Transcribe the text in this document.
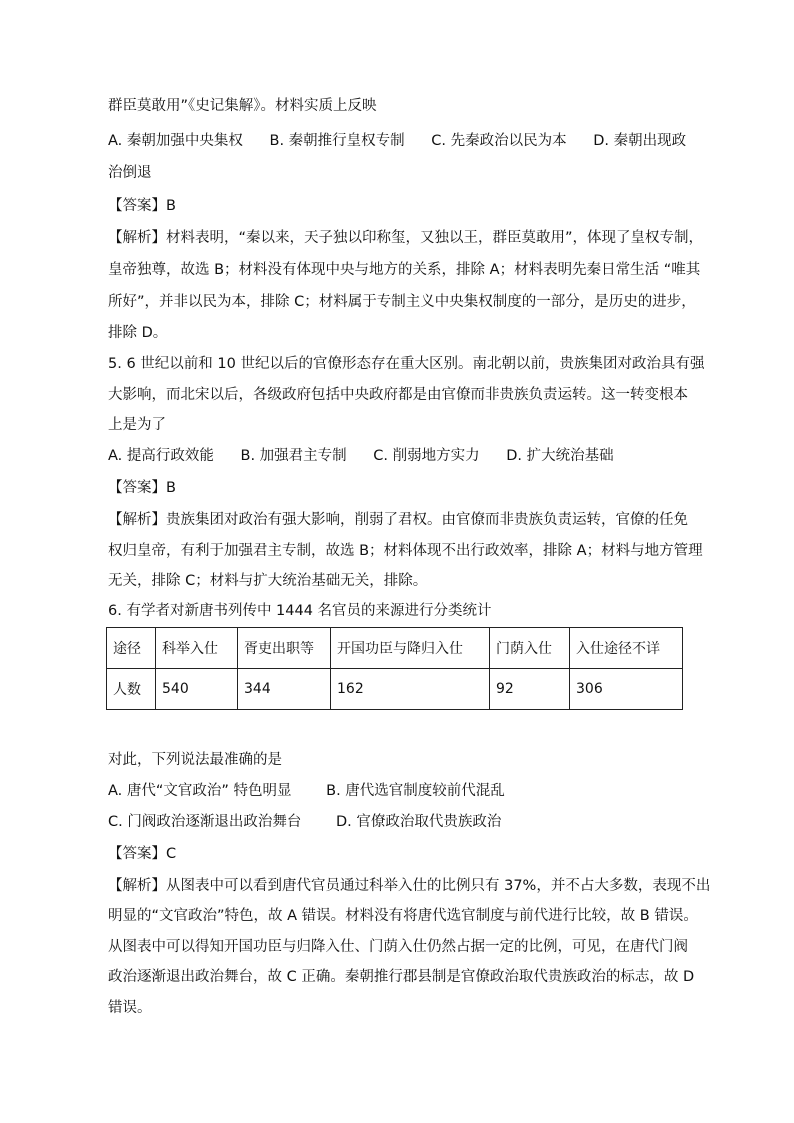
群臣莫敢用”《史记集解》。材料实质上反映
A. 秦朝加强中央集权 B. 秦朝推行皇权专制 C. 先秦政治以民为本 D. 秦朝出现政
治倒退
【答案】B
【解析】材料表明，“秦以来，天子独以印称玺，又独以王，群臣莫敢用”，体现了皇权专制，
皇帝独尊，故选 B；材料没有体现中央与地方的关系，排除 A；材料表明先秦日常生活 “唯其
所好”，并非以民为本，排除 C；材料属于专制主义中央集权制度的一部分，是历史的进步，
排除 D。
5. 6 世纪以前和 10 世纪以后的官僚形态存在重大区别。南北朝以前，贵族集团对政治具有强
大影响，而北宋以后，各级政府包括中央政府都是由官僚而非贵族负责运转。这一转变根本
上是为了
A. 提高行政效能 B. 加强君主专制 C. 削弱地方实力 D. 扩大统治基础
【答案】B
【解析】贵族集团对政治有强大影响，削弱了君权。由官僚而非贵族负责运转，官僚的任免
权归皇帝，有利于加强君主专制，故选 B；材料体现不出行政效率，排除 A；材料与地方管理
无关，排除 C；材料与扩大统治基础无关，排除。
6. 有学者对新唐书列传中 1444 名官员的来源进行分类统计
途径	科举入仕	胥吏出职等	开国功臣与降归入仕	门荫入仕	入仕途径不详
人数	540	344	162	92	306
对此，下列说法最准确的是
A. 唐代“文官政治” 特色明显 B. 唐代选官制度较前代混乱
C. 门阀政治逐渐退出政治舞台 D. 官僚政治取代贵族政治
【答案】C
【解析】从图表中可以看到唐代官员通过科举入仕的比例只有 37%，并不占大多数，表现不出
明显的“文官政治”特色，故 A 错误。材料没有将唐代选官制度与前代进行比较，故 B 错误。
从图表中可以得知开国功臣与归降入仕、门荫入仕仍然占据一定的比例，可见，在唐代门阀
政治逐渐退出政治舞台，故 C 正确。秦朝推行郡县制是官僚政治取代贵族政治的标志，故 D
错误。
